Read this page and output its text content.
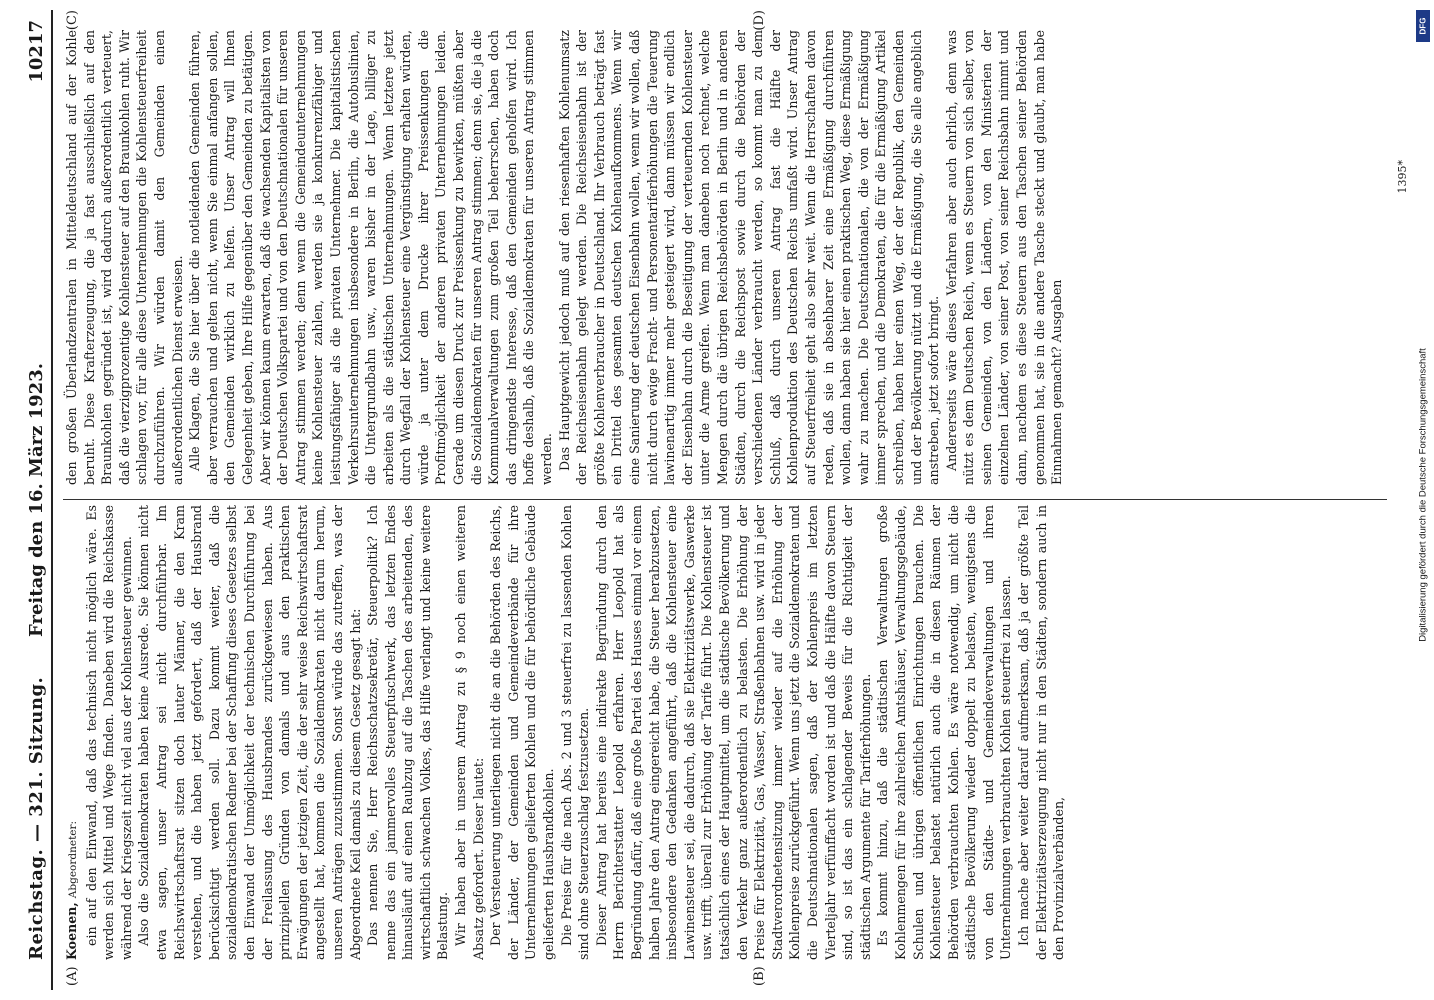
Reichstag. — 321. Sitzung.
Freitag den 16. März 1923.
10217
(A)	(B)
(C)	(D)

Koenen, Abgeordneter: ein auf den Einwand, daß das technisch nicht möglich wäre. Es werden sich Mittel und Wege finden. Daneben wird die Reichskasse während der Kriegszeit nicht viel aus der Kohlensteuer gewinnen. Also die Sozialdemokraten haben keine Ausrede. Sie können nicht etwa sagen, unser Antrag sei nicht durchführbar. Im Reichswirtschaftsrat sitzen doch lauter Männer, die den Kram verstehen, und die haben jetzt gefordert, daß der Hausbrand berücksichtigt werden soll. Dazu kommt weiter, daß die sozialdemokratischen Redner bei der Schaffung dieses Gesetzes selbst den Einwand der Unmöglichkeit der technischen Durchführung bei der Freilassung des Hausbrandes zurückgewiesen haben. Aus prinzipiellen Gründen von damals und aus den praktischen Erwägungen der jetzigen Zeit, die der sehr weise Reichswirtschaftsrat angestellt hat, kommen die Sozialdemokraten nicht darum herum, unseren Anträgen zuzustimmen. Sonst würde das zutreffen, was der Abgeordnete Keil damals zu diesem Gesetz gesagt hat: Das nennen Sie, Herr Reichsschatzsekretär, Steuerpolitik? Ich nenne das ein jammervolles Steuerpfuschwerk, das letzten Endes hinausläuft auf einen Raubzug auf die Taschen des arbeitenden, des wirtschaftlich schwachen Volkes, das Hilfe verlangt und keine weitere Belastung. Wir haben aber in unserem Antrag zu § 9 noch einen weiteren Absatz gefordert. Dieser lautet: Der Versteuerung unterliegen nicht die an die Behörden des Reichs, der Länder, der Gemeinden und Gemeindeverbände für ihre Unternehmungen gelieferten Kohlen und die für behördliche Gebäude gelieferten Hausbrandkohlen. Die Preise für die nach Abs. 2 und 3 steuerfrei zu lassenden Kohlen sind ohne Steuerzuschlag festzusetzen. Dieser Antrag hat bereits eine indirekte Begründung durch den Herrn Berichterstatter Leopold erfahren. Herr Leopold hat als Begründung dafür, daß eine große Partei des Hauses einmal vor einem halben Jahre den Antrag eingereicht habe, die Steuer herabzusetzen, insbesondere den Gedanken angeführt, daß die Kohlensteuer eine Lawinensteuer sei, die dadurch, daß sie Elektrizitätswerke, Gaswerke usw. trifft, überall zur Erhöhung der Tarife führt. Die Kohlensteuer ist tatsächlich eines der Hauptmittel, um die städtische Bevölkerung und den Verkehr ganz außerordentlich zu belasten. Die Erhöhung der Preise für Elektrizität, Gas, Wasser, Straßenbahnen usw. wird in jeder Stadtverordnetensitzung immer wieder auf die Erhöhung der Kohlenpreise zurückgeführt. Wenn uns jetzt die Sozialdemokraten und die Deutschnationalen sagen, daß der Kohlenpreis im letzten Vierteljahr verfünffacht worden ist und daß die Hälfte davon Steuern sind, so ist das ein schlagender Beweis für die Richtigkeit der städtischen Argumente für Tariferhöhungen. Es kommt hinzu, daß die städtischen Verwaltungen große Kohlenmengen für ihre zahlreichen Amtshäuser, Verwaltungsgebäude, Schulen und übrigen öffentlichen Einrichtungen brauchen. Die Kohlensteuer belastet natürlich auch die in diesen Räumen der Behörden verbrauchten Kohlen. Es wäre notwendig, um nicht die städtische Bevölkerung wieder doppelt zu belasten, wenigstens die von den Städte- und Gemeindeverwaltungen und ihren Unternehmungen verbrauchten Kohlen steuerfrei zu lassen. Ich mache aber weiter darauf aufmerksam, daß ja der größte Teil der Elektrizitätserzeugung nicht nur in den Städten, sondern auch in den Provinzialverbänden,

den großen Überlandzentralen in Mitteldeutschland auf der Kohle beruht. Diese Krafterzeugung, die ja fast ausschließlich auf den Braunkohlen gegründet ist, wird dadurch außerordentlich verteuert, daß die vierzigprozentige Kohlensteuer auf den Braunkohlen ruht. Wir schlagen vor, für alle diese Unternehmungen die Kohlensteuerfreiheit durchzuführen. Wir würden damit den Gemeinden einen außerordentlichen Dienst erweisen. Alle Klagen, die Sie hier über die notleidenden Gemeinden führen, aber verrauchen und gelten nicht, wenn Sie einmal anfangen sollen, den Gemeinden wirklich zu helfen. Unser Antrag will Ihnen Gelegenheit geben, Ihre Hilfe gegenüber den Gemeinden zu betätigen. Aber wir können kaum erwarten, daß die wachsenden Kapitalisten von der Deutschen Volkspartei und von den Deutschnationalen für unseren Antrag stimmen werden; denn wenn die Gemeindeunternehmungen keine Kohlensteuer zahlen, werden sie ja konkurrenzfähiger und leistungsfähiger als die privaten Unternehmer. Die kapitalistischen Verkehrsunternehmungen insbesondere in Berlin, die Autobuslinien, die Untergrundbahn usw., waren bisher in der Lage, billiger zu arbeiten als die städtischen Unternehmungen. Wenn letztere jetzt durch Wegfall der Kohlensteuer eine Vergünstigung erhalten würden, würde ja unter dem Drucke ihrer Preissenkungen die Profitmöglichkeit der anderen privaten Unternehmungen leiden. Gerade um diesen Druck zur Preissenkung zu bewirken, müßten aber die Sozialdemokraten für unseren Antrag stimmen; denn sie, die ja die Kommunalverwaltungen zum großen Teil beherrschen, haben doch das dringendste Interesse, daß den Gemeinden geholfen wird. Ich hoffe deshalb, daß die Sozialdemokraten für unseren Antrag stimmen werden. Das Hauptgewicht jedoch muß auf den riesenhaften Kohlenumsatz der Reichseisenbahn gelegt werden. Die Reichseisenbahn ist der größte Kohlenverbraucher in Deutschland. Ihr Verbrauch beträgt fast ein Drittel des gesamten deutschen Kohlenaufkommens. Wenn wir eine Sanierung der deutschen Eisenbahn wollen, wenn wir wollen, daß nicht durch ewige Fracht- und Personentariferhöhungen die Teuerung lawinenartig immer mehr gesteigert wird, dann müssen wir endlich der Eisenbahn durch die Beseitigung der verteuernden Kohlensteuer unter die Arme greifen. Wenn man daneben noch rechnet, welche Mengen durch die übrigen Reichsbehörden in Berlin und in anderen Städten, durch die Reichspost sowie durch die Behörden der verschiedenen Länder verbraucht werden, so kommt man zu dem Schluß, daß durch unseren Antrag fast die Hälfte der Kohlenproduktion des Deutschen Reichs umfaßt wird. Unser Antrag auf Steuerfreiheit geht also sehr weit. Wenn die Herrschaften davon reden, daß sie in absehbarer Zeit eine Ermäßigung durchführen wollen, dann haben sie hier einen praktischen Weg, diese Ermäßigung wahr zu machen. Die Deutschnationalen, die von der Ermäßigung immer sprechen, und die Demokraten, die für die Ermäßigung Artikel schreiben, haben hier einen Weg, der der Republik, den Gemeinden und der Bevölkerung nützt und die Ermäßigung, die Sie alle angeblich anstreben, jetzt sofort bringt. Andererseits wäre dieses Verfahren aber auch ehrlich, denn was nützt es dem Deutschen Reich, wenn es Steuern von sich selber, von seinen Gemeinden, von den Ländern, von den Ministerien der einzelnen Länder, von seiner Post, von seiner Reichsbahn nimmt und dann, nachdem es diese Steuern aus den Taschen seiner Behörden genommen hat, sie in die andere Tasche steckt und glaubt, man habe Einnahmen gemacht? Ausgaben

1395*
DFG
Digitalisierung gefördert durch die Deutsche Forschungsgemeinschaft
